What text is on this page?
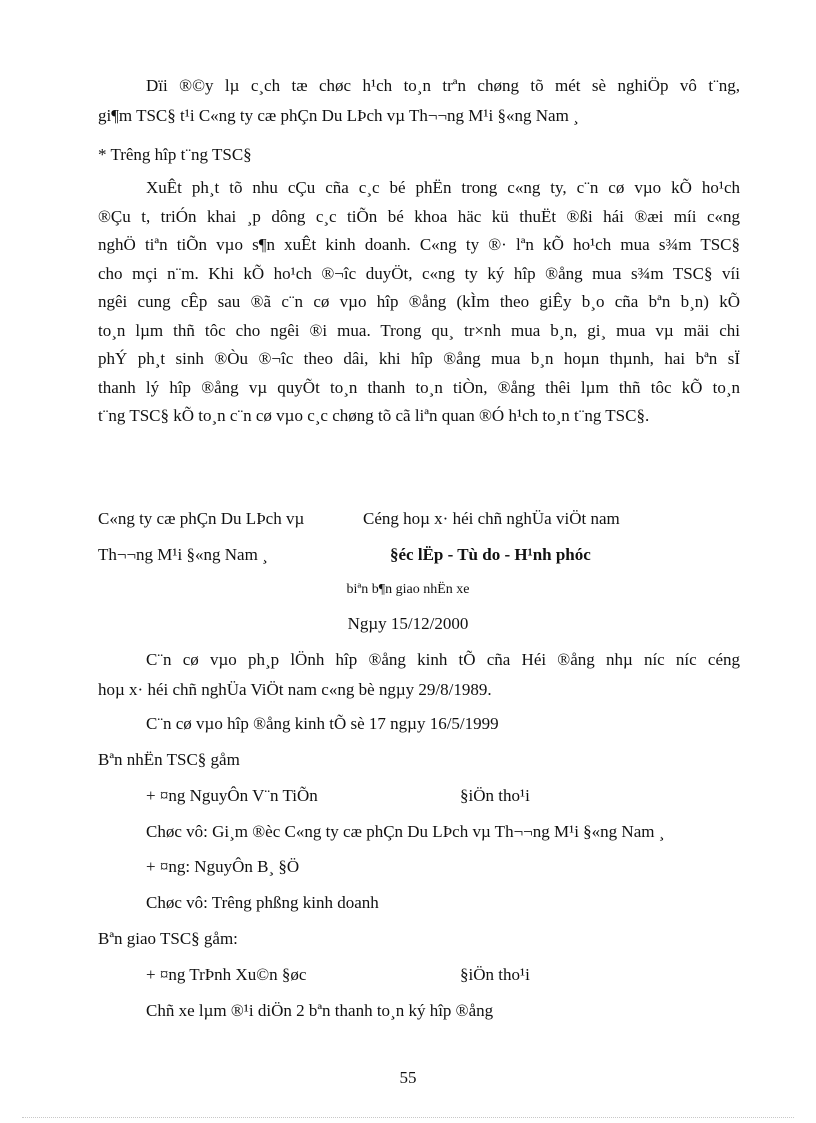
Dïi ®©y lµ c¸ch tæ chøc h¹ch to¸n trªn chøng tõ mét sè nghiÖp vô t¨ng,
gi¶m TSC§ t¹i C«ng ty cæ phÇn Du LÞch vµ Th¬¬ng M¹i §«ng Nam ¸
* Trêng hîp t¨ng TSC§
XuÊt ph¸t tõ nhu cÇu cña c¸c bé phËn trong c«ng ty, c¨n cø vµo kÕ ho¹ch
®Çu t, triÓn khai ¸p dông c¸c tiÕn bé khoa häc kü thuËt ®ßi hái ®æi míi c«ng
nghÖ tiªn tiÕn vµo s¶n xuÊt kinh doanh. C«ng ty ®· lªn kÕ ho¹ch mua s¾m TSC§
cho mçi n¨m. Khi kÕ ho¹ch ®¬îc duyÖt, c«ng ty ký hîp ®ång mua s¾m TSC§ víi
ngêi cung cÊp sau ®ã c¨n cø vµo hîp ®ång (kÌm theo giÊy b¸o cña bªn b¸n) kÕ
to¸n lµm thñ tôc cho ngêi ®i mua. Trong qu¸ tr×nh mua b¸n, gi¸ mua vµ mäi chi
phÝ ph¸t sinh ®Òu ®¬îc theo dâi, khi hîp ®ång mua b¸n hoµn thµnh, hai bªn sÏ
thanh lý hîp ®ång vµ quyÕt to¸n thanh to¸n tiÒn, ®ång thêi lµm thñ tôc kÕ to¸n
t¨ng TSC§ kÕ to¸n c¨n cø vµo c¸c chøng tõ cã liªn quan ®Ó h¹ch to¸n t¨ng TSC§.
C«ng ty cæ phÇn Du LÞch vµ	Céng hoµ x· héi chñ nghÜa viÖt nam
Th¬¬ng M¹i §«ng Nam ¸	§éc lËp - Tù do - H¹nh phóc
biªn b¶n giao nhËn xe
Ngµy 15/12/2000
C¨n cø vµo ph¸p lÖnh hîp ®ång kinh tÕ cña Héi ®ång nhµ níc níc céng
hoµ x· héi chñ nghÜa ViÖt nam c«ng bè ngµy 29/8/1989.
C¨n cø vµo hîp ®ång kinh tÕ sè 17 ngµy 16/5/1999
Bªn nhËn TSC§ gåm
+ ¤ng NguyÔn V¨n TiÕn	§iÖn tho¹i
Chøc vô: Gi¸m ®èc C«ng ty cæ phÇn Du LÞch vµ Th¬¬ng M¹i §«ng Nam ¸
+ ¤ng: NguyÔn B¸ §Ö
Chøc vô: Trêng phßng kinh doanh
Bªn giao TSC§ gåm:
+ ¤ng TrÞnh Xu©n §øc	§iÖn tho¹i
Chñ xe lµm ®¹i diÖn 2 bªn thanh to¸n ký hîp ®ång
55
